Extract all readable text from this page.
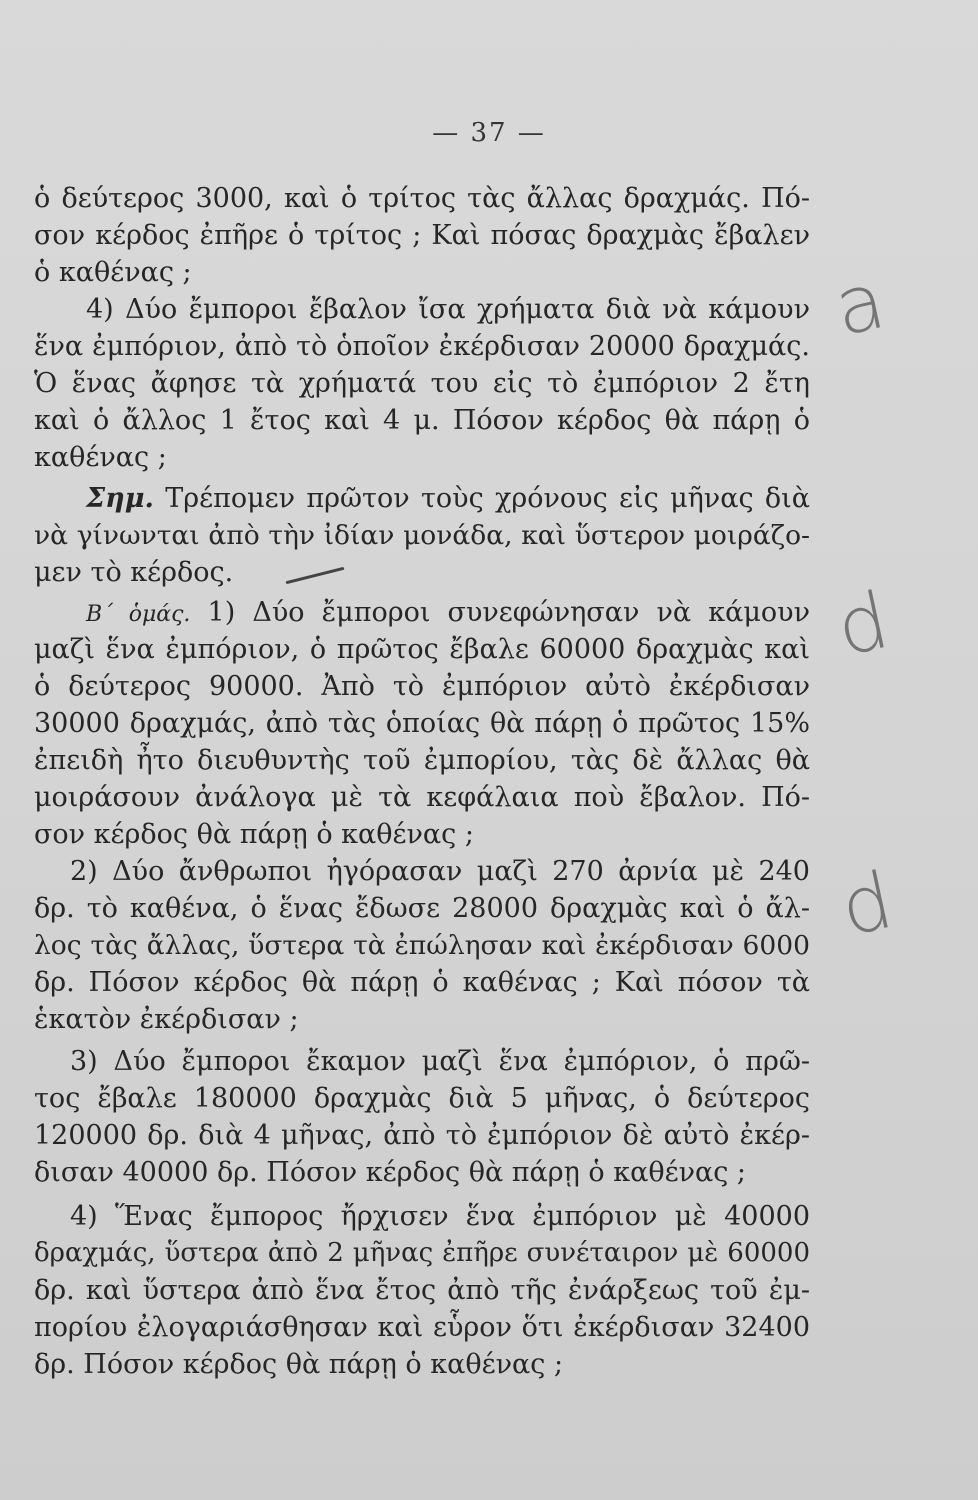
— 37 —
ὁ δεύτερος 3000, καὶ ὁ τρίτος τὰς ἄλλας δραχμάς. Πό-
σον κέρδος ἐπῆρε ὁ τρίτος ; Καὶ πόσας δραχμὰς ἔβαλεν
ὁ καθένας ;
4) Δύο ἔμποροι ἔβαλον ἴσα χρήματα διὰ νὰ κάμουν
ἕνα ἐμπόριον, ἀπὸ τὸ ὁποῖον ἐκέρδισαν 20000 δραχμάς.
Ὁ ἕνας ἄφησε τὰ χρήματά του εἰς τὸ ἐμπόριον 2 ἔτη
καὶ ὁ ἄλλος 1 ἔτος καὶ 4 μ. Πόσον κέρδος θὰ πάρῃ ὁ
καθένας ;
Σημ. Τρέπομεν πρῶτον τοὺς χρόνους εἰς μῆνας διὰ
νὰ γίνωνται ἀπὸ τὴν ἰδίαν μονάδα, καὶ ὕστερον μοιράζο-
μεν τὸ κέρδος.
Β΄ ὁμάς. 1) Δύο ἔμποροι συνεφώνησαν νὰ κάμουν
μαζὶ ἕνα ἐμπόριον, ὁ πρῶτος ἔβαλε 60000 δραχμὰς καὶ
ὁ δεύτερος 90000. Ἀπὸ τὸ ἐμπόριον αὐτὸ ἐκέρδισαν
30000 δραχμάς, ἀπὸ τὰς ὁποίας θὰ πάρῃ ὁ πρῶτος 15%
ἐπειδὴ ἦτο διευθυντὴς τοῦ ἐμπορίου, τὰς δὲ ἄλλας θὰ
μοιράσουν ἀνάλογα μὲ τὰ κεφάλαια ποὺ ἔβαλον. Πό-
σον κέρδος θὰ πάρῃ ὁ καθένας ;
2) Δύο ἄνθρωποι ἠγόρασαν μαζὶ 270 ἀρνία μὲ 240
δρ. τὸ καθένα, ὁ ἕνας ἔδωσε 28000 δραχμὰς καὶ ὁ ἄλ-
λος τὰς ἄλλας, ὕστερα τὰ ἐπώλησαν καὶ ἐκέρδισαν 6000
δρ. Πόσον κέρδος θὰ πάρῃ ὁ καθένας ; Καὶ πόσον τὰ
ἑκατὸν ἐκέρδισαν ;
3) Δύο ἔμποροι ἔκαμον μαζὶ ἕνα ἐμπόριον, ὁ πρῶ-
τος ἔβαλε 180000 δραχμὰς διὰ 5 μῆνας, ὁ δεύτερος
120000 δρ. διὰ 4 μῆνας, ἀπὸ τὸ ἐμπόριον δὲ αὐτὸ ἐκέρ-
δισαν 40000 δρ. Πόσον κέρδος θὰ πάρῃ ὁ καθένας ;
4) Ἕνας ἔμπορος ἤρχισεν ἕνα ἐμπόριον μὲ 40000
δραχμάς, ὕστερα ἀπὸ 2 μῆνας ἐπῆρε συνέταιρον μὲ 60000
δρ. καὶ ὕστερα ἀπὸ ἕνα ἔτος ἀπὸ τῆς ἐνάρξεως τοῦ ἐμ-
πορίου ἐλογαριάσθησαν καὶ εὗρον ὅτι ἐκέρδισαν 32400
δρ. Πόσον κέρδος θὰ πάρῃ ὁ καθένας ;
a
d
d
